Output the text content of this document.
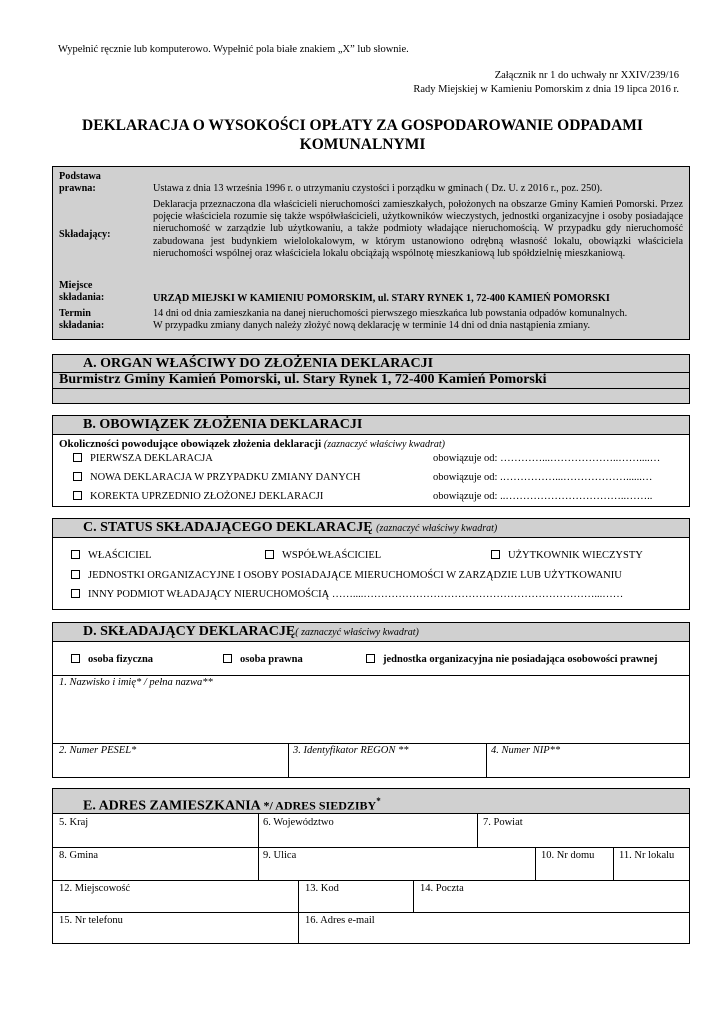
Wypełnić ręcznie lub komputerowo. Wypełnić pola białe znakiem „X” lub słownie.
Załącznik nr 1 do uchwały nr XXIV/239/16
Rady Miejskiej w Kamieniu Pomorskim z dnia 19 lipca 2016 r.
DEKLARACJA O WYSOKOŚCI OPŁATY ZA GOSPODAROWANIE ODPADAMI
KOMUNALNYMI
Podstawa
prawna:	Ustawa z dnia 13 września 1996 r. o utrzymaniu czystości i porządku w gminach ( Dz. U. z 2016 r., poz. 250).
Składający:
Deklaracja przeznaczona dla właścicieli nieruchomości zamieszkałych, położonych na obszarze Gminy Kamień Pomorski. Przez pojęcie właściciela rozumie się także współwłaścicieli, użytkowników wieczystych, jednostki organizacyjne i osoby posiadające nieruchomość w zarządzie lub użytkowaniu, a także podmioty władające nieruchomością. W przypadku gdy nieruchomość zabudowana jest budynkiem wielolokalowym, w którym ustanowiono odrębną własność lokalu, obowiązki właściciela nieruchomości wspólnej oraz właściciela lokalu obciążają wspólnotę mieszkaniową lub spółdzielnię mieszkaniową.
Miejsce
składania:	URZĄD MIEJSKI W KAMIENIU POMORSKIM, ul. STARY RYNEK 1, 72-400 KAMIEŃ POMORSKI
Termin
składania:
14 dni od dnia zamieszkania na danej nieruchomości pierwszego mieszkańca lub powstania odpadów komunalnych.
W przypadku zmiany danych należy złożyć nową deklarację w terminie 14 dni od dnia nastąpienia zmiany.
A. ORGAN WŁAŚCIWY DO ZŁOŻENIA DEKLARACJI
Burmistrz Gminy Kamień Pomorski, ul. Stary Rynek 1, 72-400 Kamień Pomorski
B. OBOWIĄZEK ZŁOŻENIA DEKLARACJI
Okoliczności powodujące obowiązek złożenia deklaracji (zaznaczyć właściwy kwadrat)
PIERWSZA DEKLARACJA	obowiązuje od: …………...………………..……....…
NOWA DEKLARACJA W PRZYPADKU ZMIANY DANYCH	obowiązuje od: .……………...………………......…
KOREKTA UPRZEDNIO ZŁOŻONEJ DEKLARACJI	obowiązuje od: ..……………………………..……..
C. STATUS SKŁADAJĄCEGO DEKLARACJĘ (zaznaczyć właściwy kwadrat)
WŁAŚCICIEL	WSPÓŁWŁAŚCICIEL	UŻYTKOWNIK WIECZYSTY
JEDNOSTKI ORGANIZACYJNE I OSOBY POSIADAJĄCE MIERUCHOMOŚCI W ZARZĄDZIE LUB UŻYTKOWANIU
INNY PODMIOT WŁADAJĄCY NIERUCHOMOŚCIĄ ……....…………………………………………………………...……
D. SKŁADAJĄCY DEKLARACJĘ( zaznaczyć właściwy kwadrat)
osoba fizyczna	osoba prawna	jednostka organizacyjna nie posiadająca osobowości prawnej
1. Nazwisko i imię* / pełna nazwa**
2. Numer PESEL*	3. Identyfikator REGON **	4. Numer NIP**
E. ADRES ZAMIESZKANIA */ ADRES SIEDZIBY*
5. Kraj	6. Województwo	7. Powiat
8. Gmina	9. Ulica	10. Nr domu 11. Nr lokalu
12. Miejscowość	13. Kod	14. Poczta
15. Nr telefonu	16. Adres e-mail
